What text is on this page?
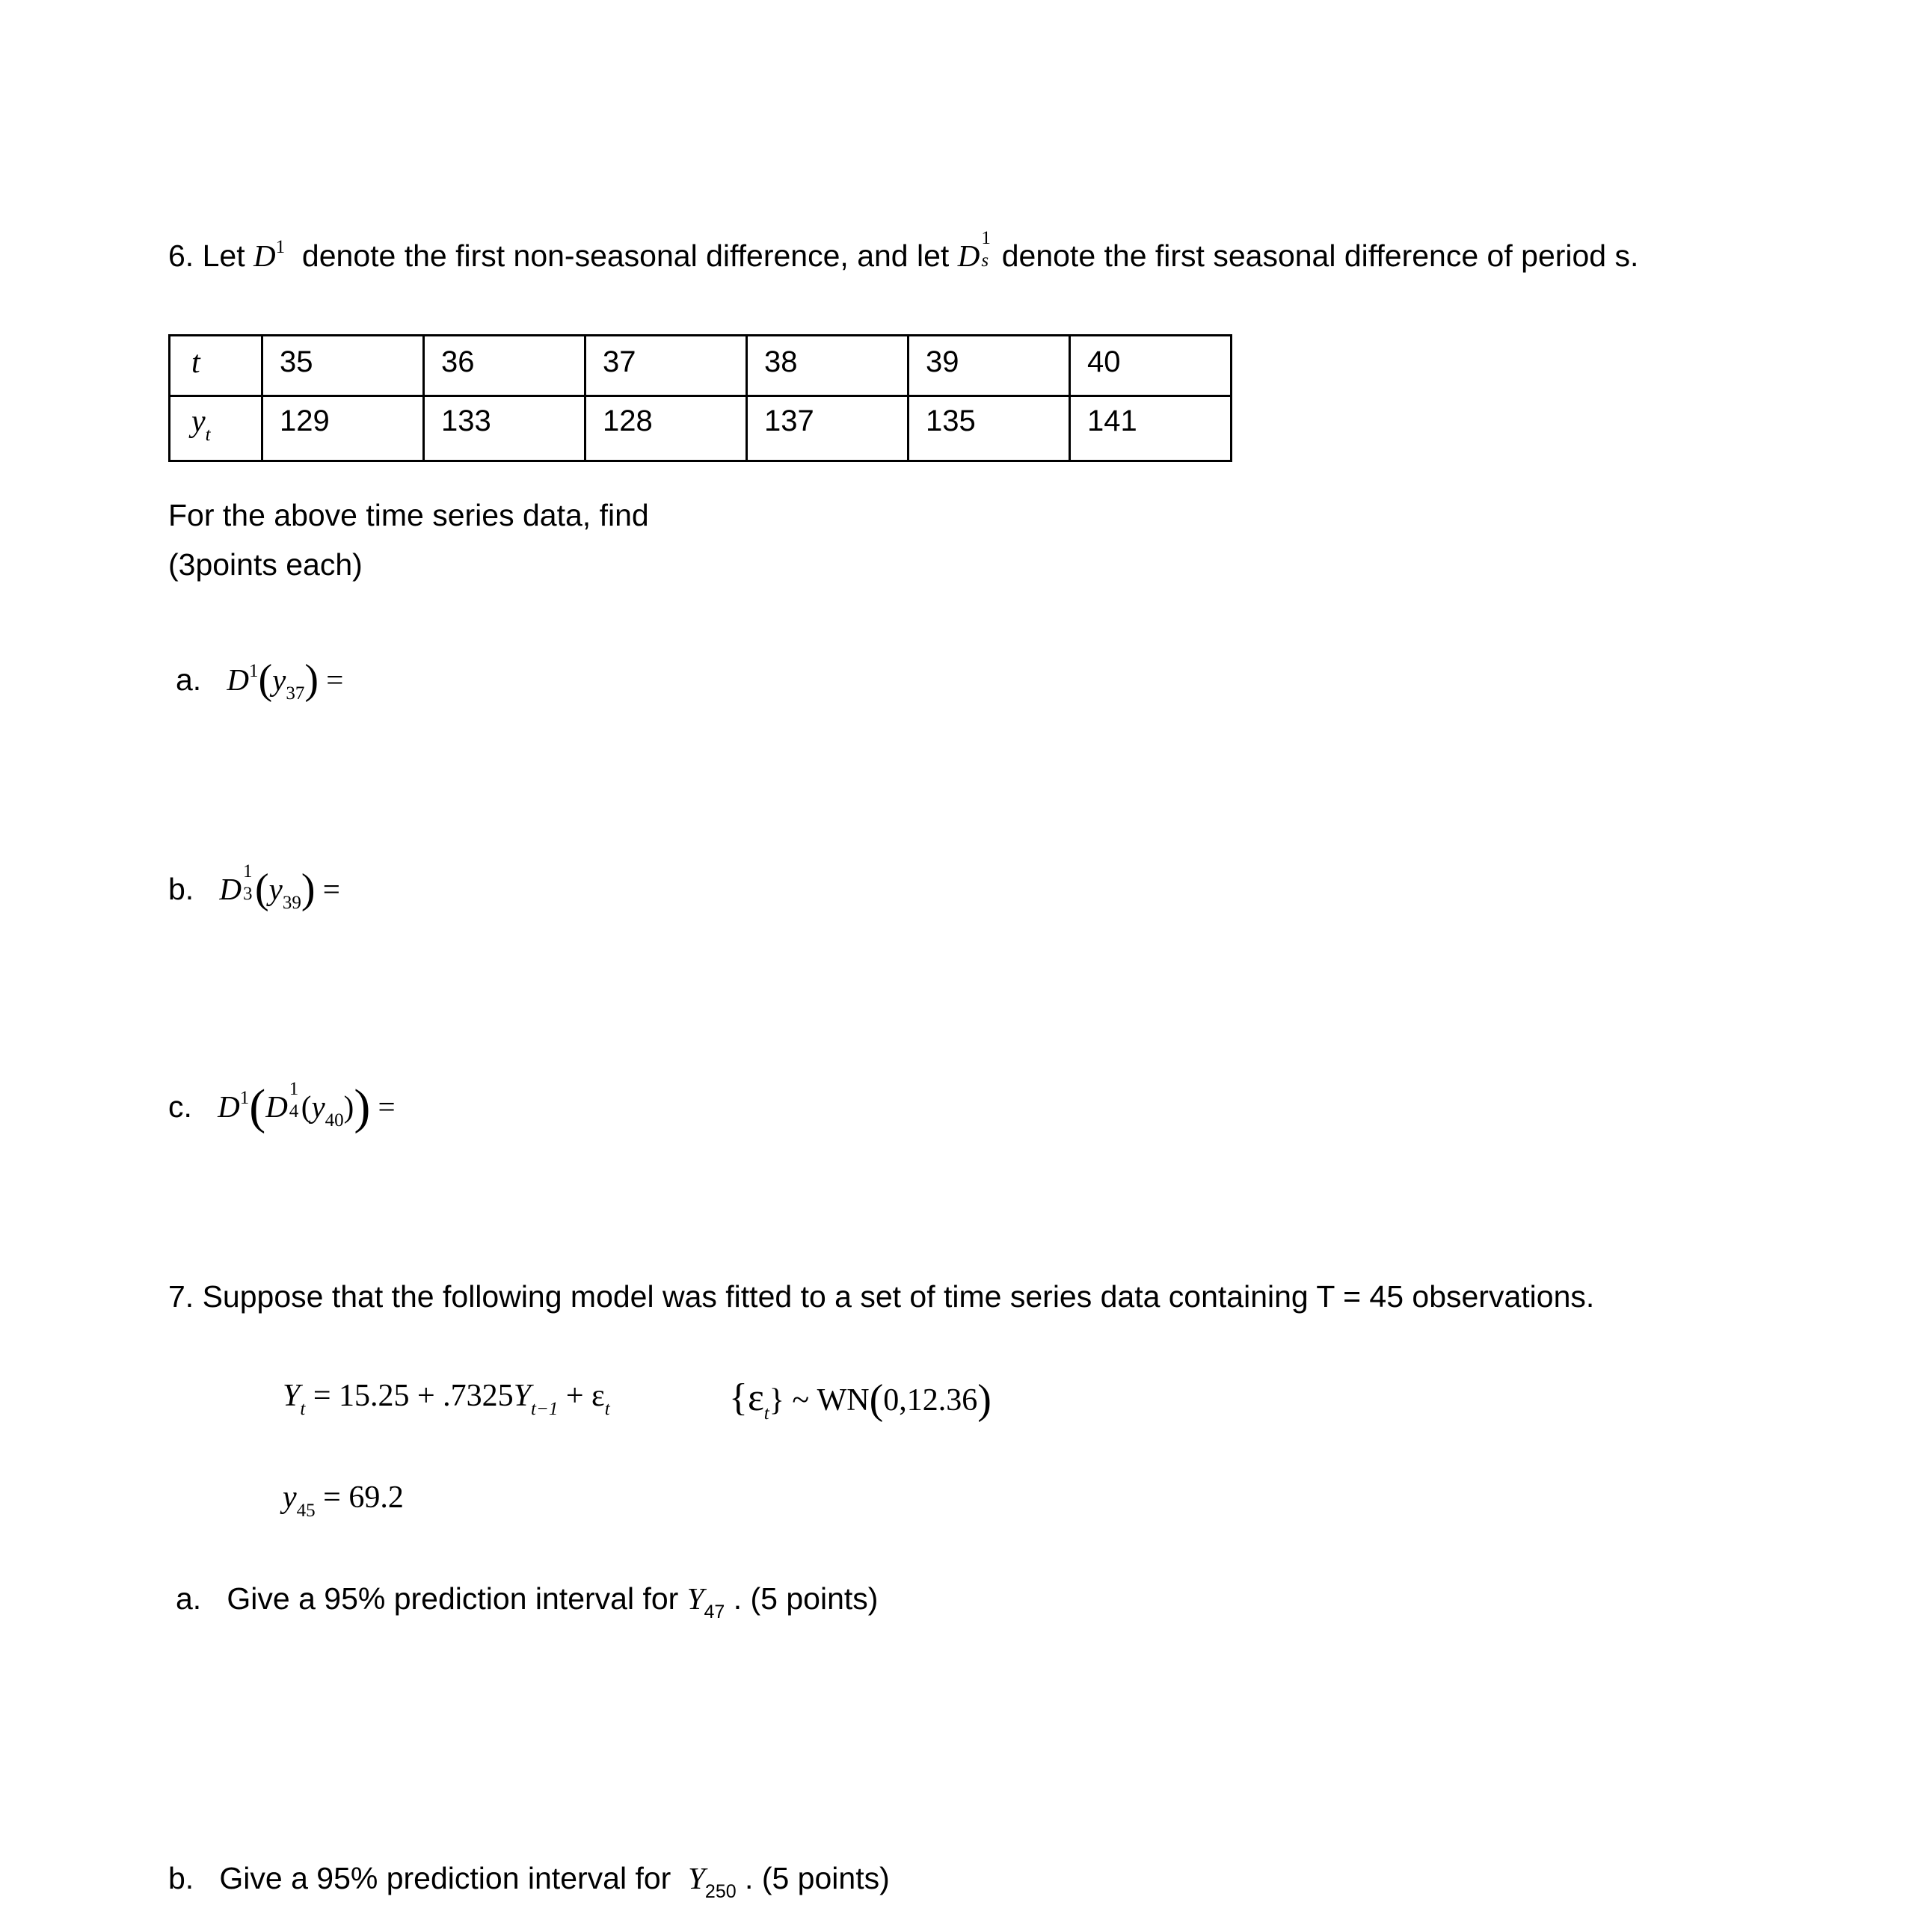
6. Let $D^1$ denote the first non-seasonal difference, and let D
1
s denote the first seasonal difference of period s.
t	35	36	37	38	39	40
$y_t$	129	133	128	137	135	141
For the above time series data, find
(3points each)
a. $D^1(y_{37})$ =
b. D
1
3 $(y_{39})$ =
c. $D^1(D$
1
4 $(y_{40})$) =
7. Suppose that the following model was fitted to a set of time series data containing T = 45 observations.
$Y_t = 15.25 + .7325Y_{t-1} + \varepsilon_t$	$\{\varepsilon_t\}$ ~ WN(0,12.36)
$y_{45} = 69.2$
a. Give a 95% prediction interval for $Y_{47}$ . (5 points)
b. Give a 95% prediction interval for $Y_{250}$ . (5 points)
